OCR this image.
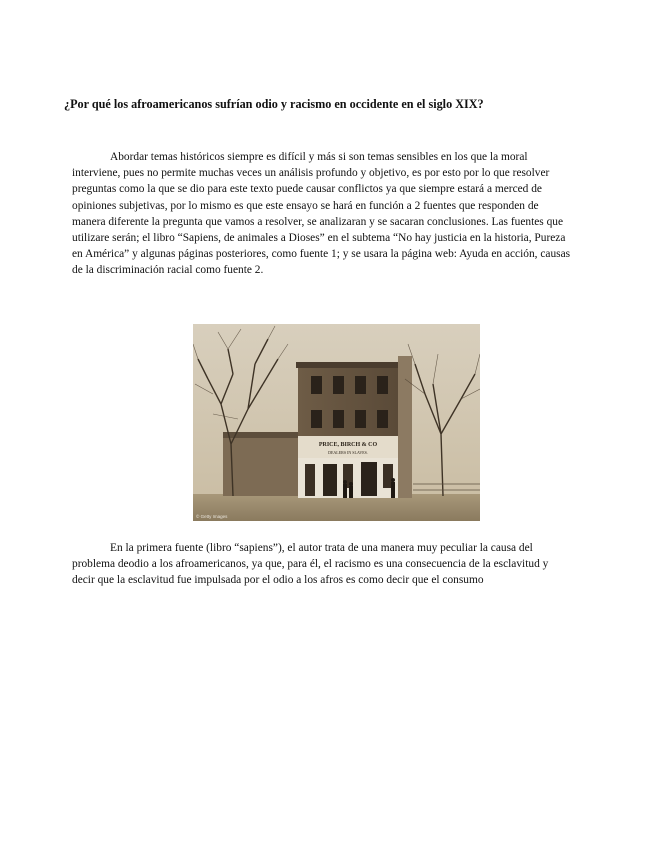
¿Por qué los afroamericanos sufrían odio y racismo en occidente en el siglo XIX?

Abordar temas históricos siempre es difícil y más si son temas sensibles en los que la moral interviene, pues no permite muchas veces un análisis profundo y objetivo, es por esto por lo que resolver preguntas como la que se dio para este texto puede causar conflictos ya que siempre estará a merced de opiniones subjetivas, por lo mismo es que este ensayo se hará en función a 2 fuentes que responden de manera diferente la pregunta que vamos a resolver, se analizaran y se sacaran conclusiones. Las fuentes que utilizare serán; el libro “Sapiens, de animales a Dioses” en el subtema “No hay justicia en la historia, Pureza en América” y algunas páginas posteriores, como fuente 1; y se usara la página web: Ayuda en acción, causas de la discriminación racial como fuente 2.

PRICE, BIRCH & CO
DEALERS IN SLAVES.
© Getty Images

En la primera fuente (libro “sapiens”), el autor trata de una manera muy peculiar la causa del problema deodio a los afroamericanos, ya que, para él, el racismo es una consecuencia de la esclavitud y decir que la esclavitud fue impulsada por el odio a los afros es como decir que el consumo
